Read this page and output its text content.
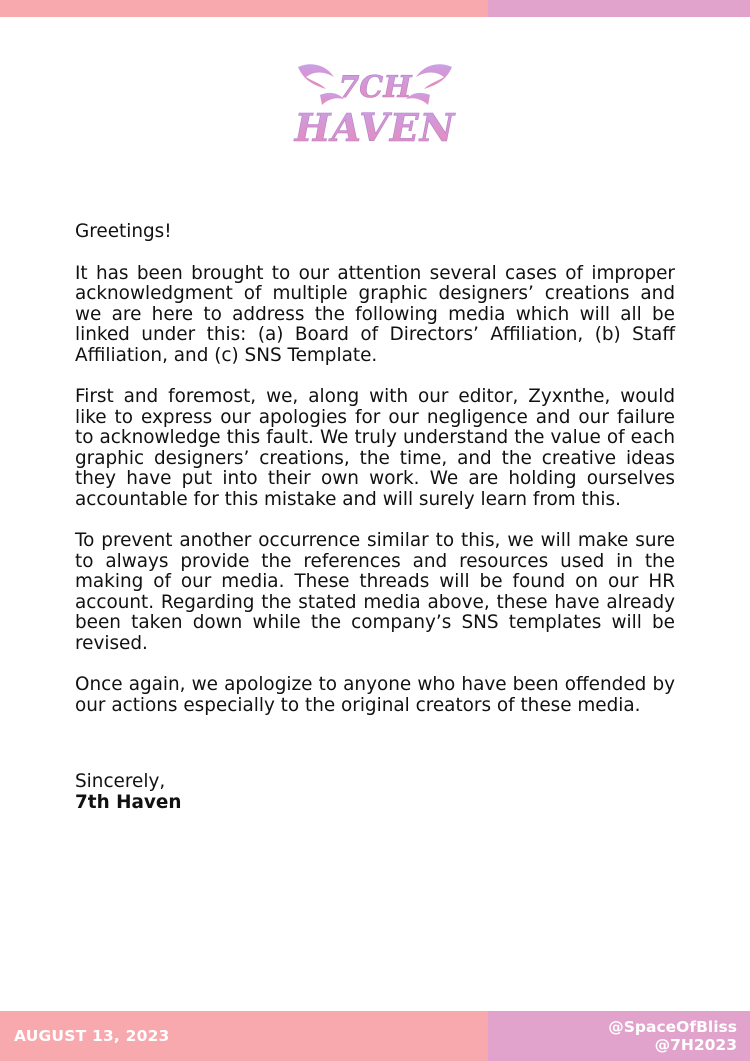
7CH
HAVEN

Greetings!

It has been brought to our attention several cases of improper acknowledgment of multiple graphic designers’ creations and we are here to address the following media which will all be linked under this: (a) Board of Directors’ Affiliation, (b) Staff Affiliation, and (c) SNS Template.

First and foremost, we, along with our editor, Zyxnthe, would like to express our apologies for our negligence and our failure to acknowledge this fault. We truly understand the value of each graphic designers’ creations, the time, and the creative ideas they have put into their own work. We are holding ourselves accountable for this mistake and will surely learn from this.

To prevent another occurrence similar to this, we will make sure to always provide the references and resources used in the making of our media. These threads will be found on our HR account. Regarding the stated media above, these have already been taken down while the company’s SNS templates will be revised.

Once again, we apologize to anyone who have been offended by our actions especially to the original creators of these media.

Sincerely,

7th Haven

AUGUST 13, 2023	@SpaceOfBliss
@7H2023
